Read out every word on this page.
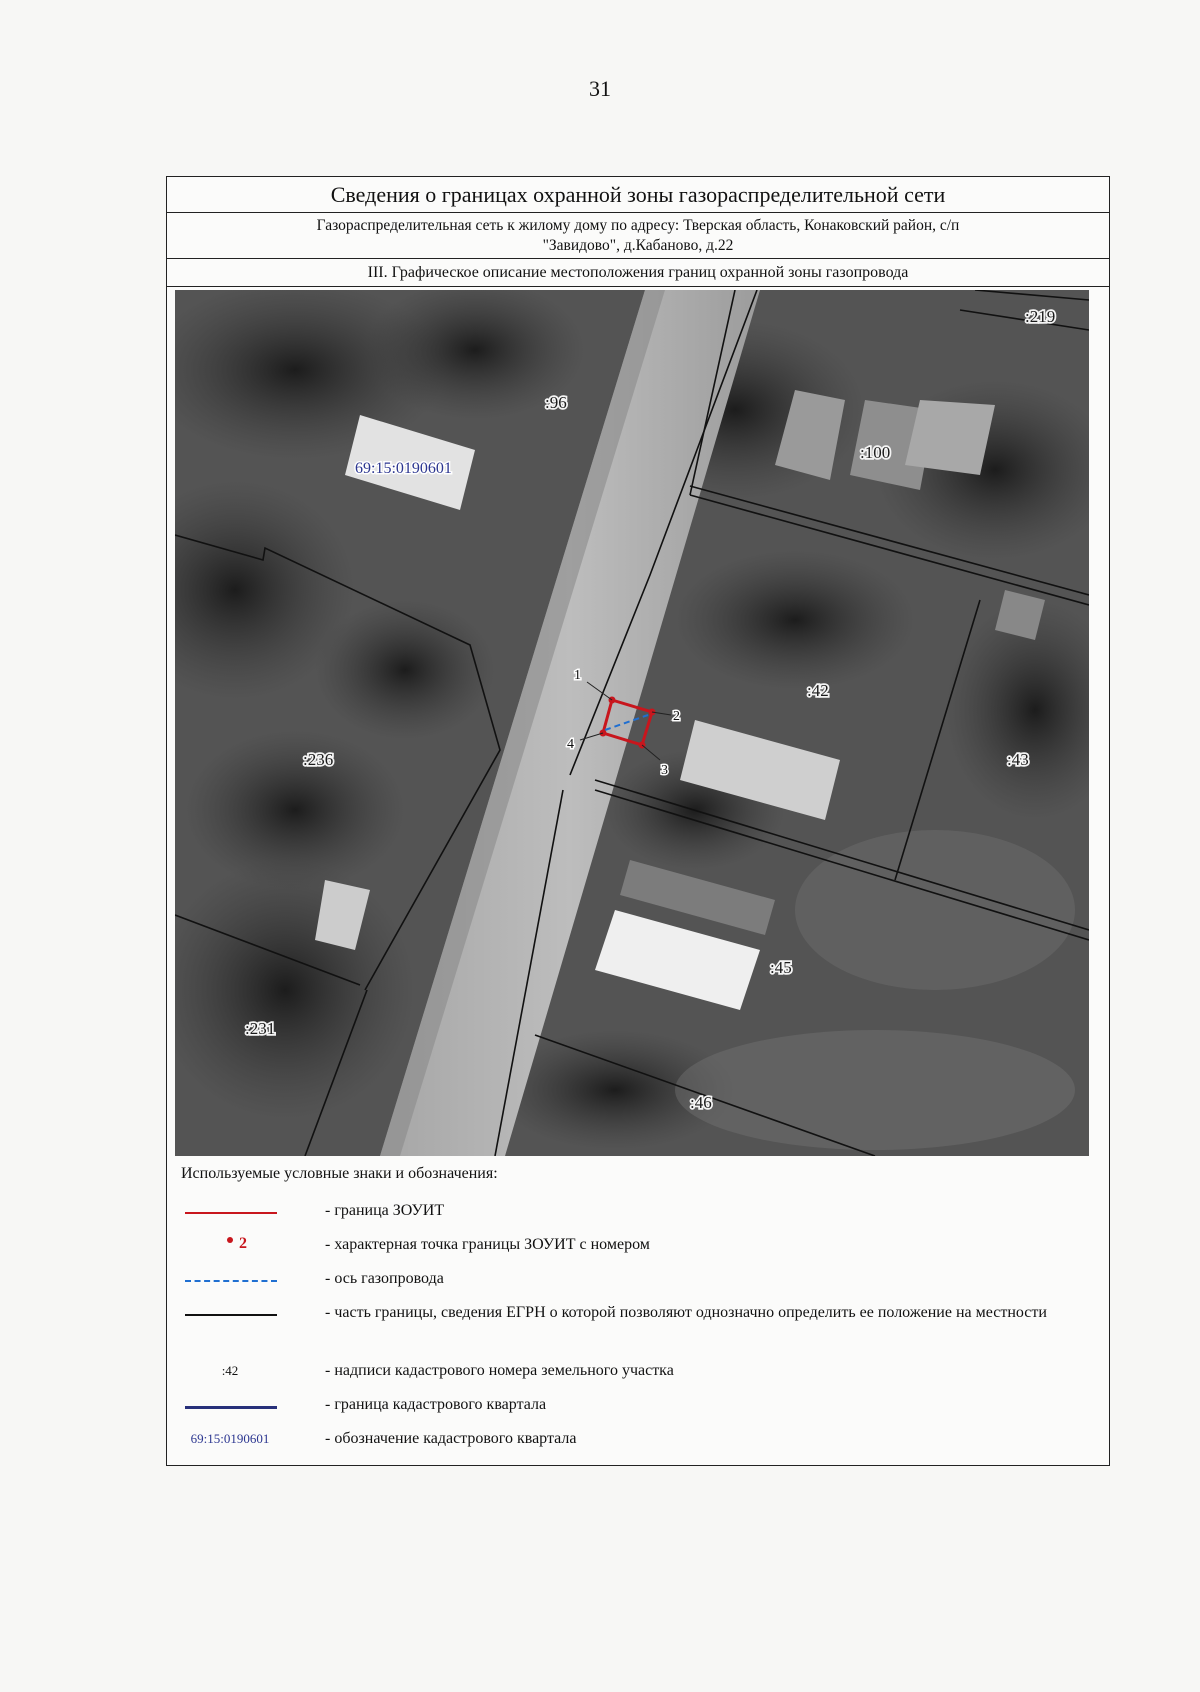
31
Сведения о границах охранной зоны газораспределительной сети
Газораспределительная сеть к жилому дому по адресу: Тверская область, Конаковский район, с/п
"Завидово", д.Кабаново, д.22
III. Графическое описание местоположения границ охранной зоны газопровода
1
2
3
4
:96
:219
:100
:42
:43
:236
:45
:231
:46
69:15:0190601
Используемые условные знаки и обозначения:
- граница ЗОУИТ
2	- характерная точка границы ЗОУИТ с номером
- ось газопровода
- часть границы, сведения ЕГРН о которой позволяют однозначно определить ее положение на местности
:42	- надписи кадастрового номера земельного участка
- граница кадастрового квартала
69:15:0190601	- обозначение кадастрового квартала
